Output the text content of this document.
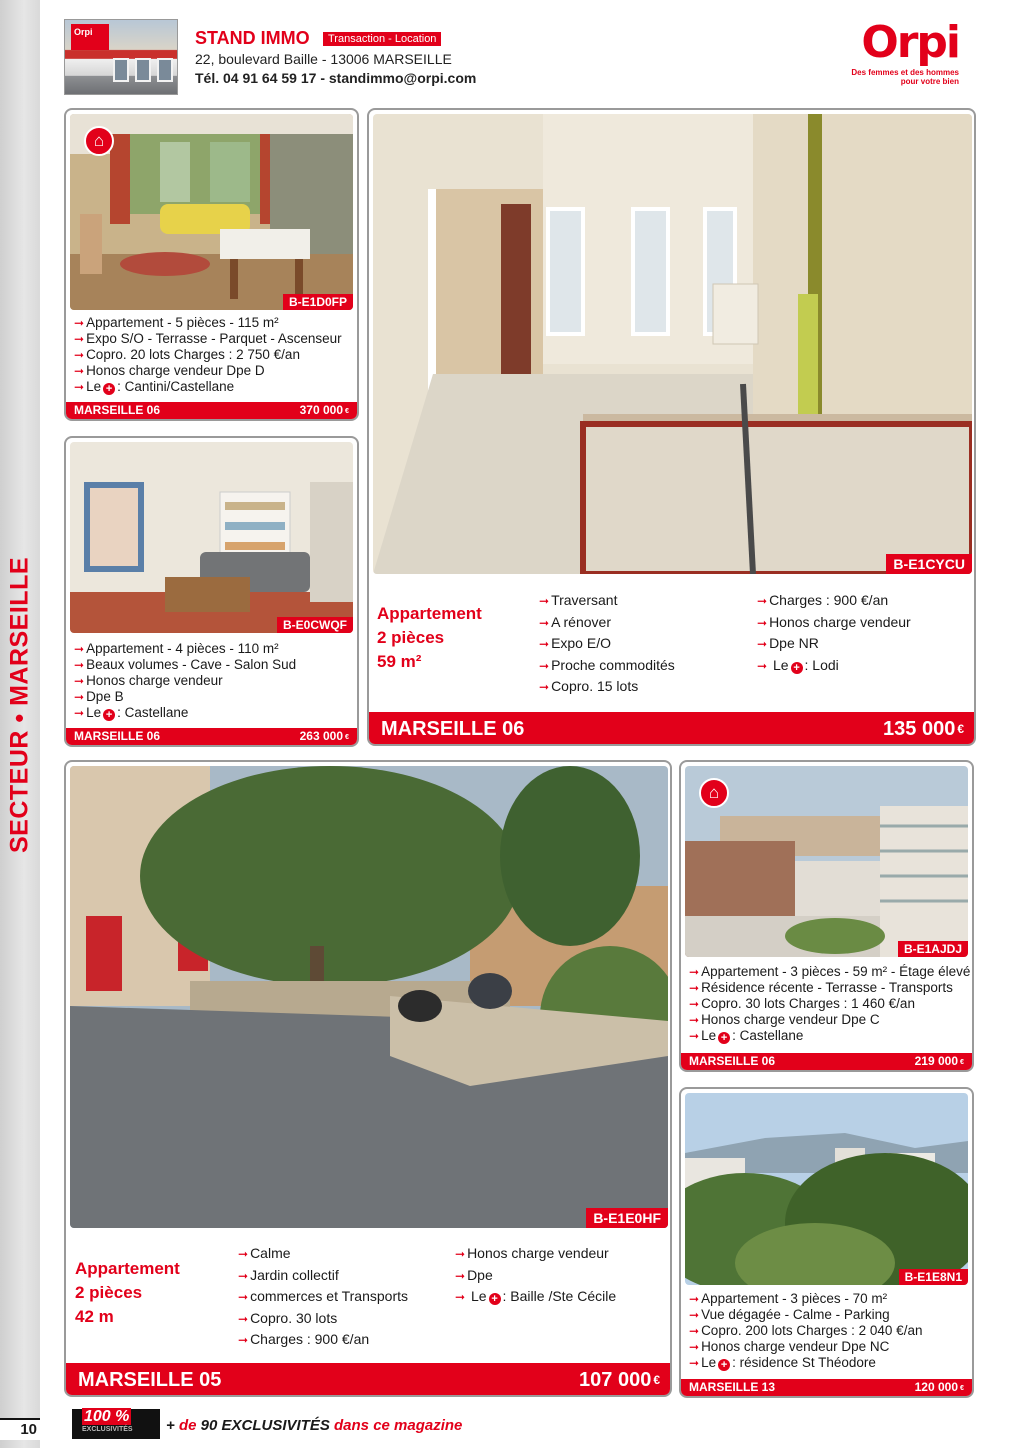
SECTEUR • MARSEILLE
10
Orpi	STAND IMMO	Transaction - Location
22, boulevard Baille - 13006 MARSEILLE
Tél. 04 91 64 59 17 - standimmo@orpi.com
Orpi
Des femmes et des hommes
pour votre bien
⌂
B-E1D0FP
➞ Appartement - 5 pièces - 115 m²
➞ Expo S/O - Terrasse - Parquet - Ascenseur
➞ Copro. 20 lots Charges : 2 750 €/an
➞ Honos charge vendeur Dpe D
➞ Le + : Cantini/Castellane
MARSEILLE 06	370 000 €
B-E0CWQF
➞ Appartement - 4 pièces - 110 m²
➞ Beaux volumes - Cave - Salon Sud
➞ Honos charge vendeur
➞ Dpe B
➞ Le + : Castellane
MARSEILLE 06	263 000 €
B-E1CYCU
Appartement
2 pièces
59 m²
➞ Traversant
➞ A rénover
➞ Expo E/O
➞ Proche commodités
➞ Copro. 15 lots
➞ Charges : 900 €/an
➞ Honos charge vendeur
➞ Dpe NR
➞ Le + : Lodi
MARSEILLE 06	135 000 €
B-E1E0HF
Appartement
2 pièces
42 m
➞ Calme
➞ Jardin collectif
➞ commerces et Transports
➞ Copro. 30 lots
➞ Charges : 900 €/an
➞ Honos charge vendeur
➞ Dpe
➞ Le + : Baille /Ste Cécile
MARSEILLE 05	107 000 €
⌂
B-E1AJDJ
➞ Appartement - 3 pièces - 59 m² - Étage élevé
➞ Résidence récente - Terrasse - Transports
➞ Copro. 30 lots Charges : 1 460 €/an
➞ Honos charge vendeur Dpe C
➞ Le + : Castellane
MARSEILLE 06	219 000 €
B-E1E8N1
➞ Appartement - 3 pièces - 70 m²
➞ Vue dégagée - Calme - Parking
➞ Copro. 200 lots Charges : 2 040 €/an
➞ Honos charge vendeur Dpe NC
➞ Le + : résidence St Théodore
MARSEILLE 13	120 000 €
100 %
EXCLUSIVITÉS	+ de 90 EXCLUSIVITÉS dans ce magazine
